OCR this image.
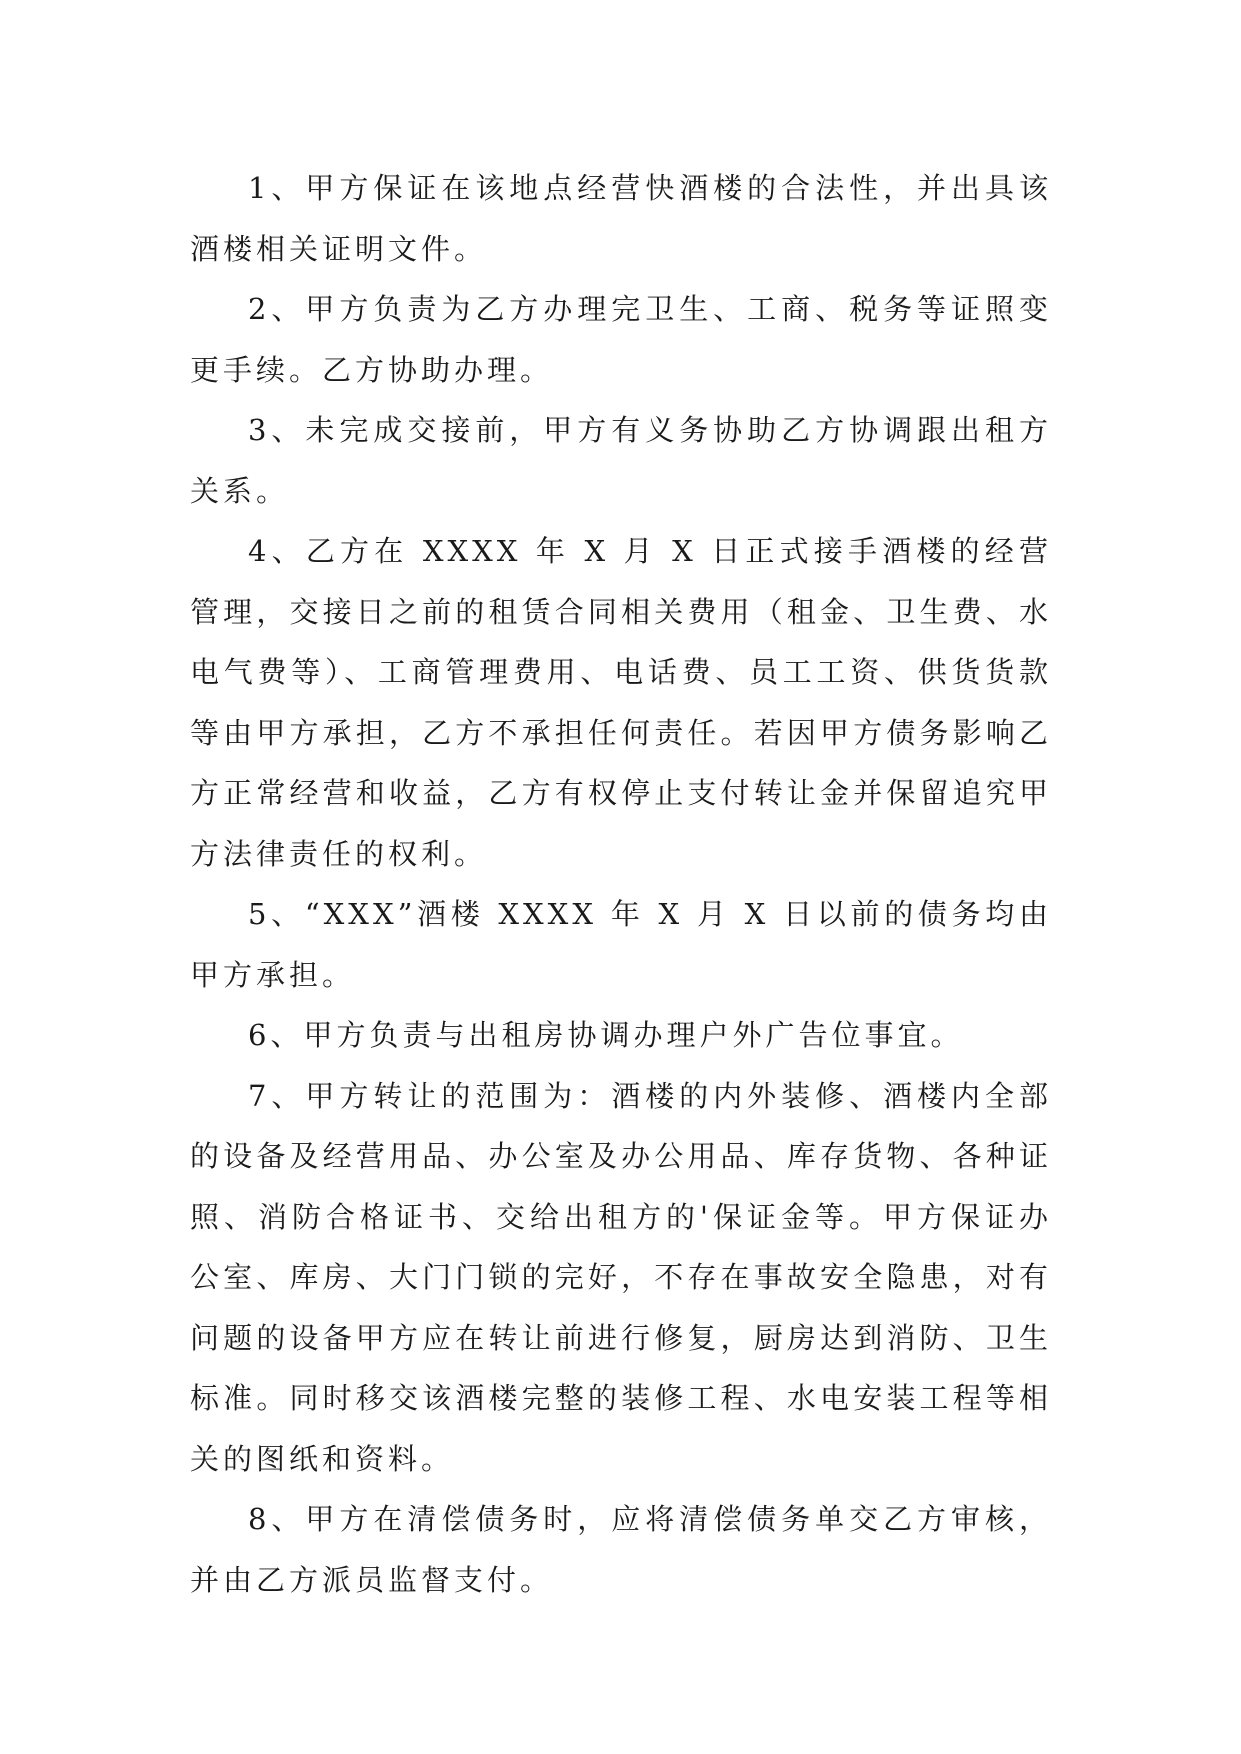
1、甲方保证在该地点经营快酒楼的合法性，并出具该酒楼相关证明文件。

2、甲方负责为乙方办理完卫生、工商、税务等证照变更手续。乙方协助办理。

3、未完成交接前，甲方有义务协助乙方协调跟出租方关系。

4、乙方在 XXXX 年 X 月 X 日正式接手酒楼的经营管理，交接日之前的租赁合同相关费用（租金、卫生费、水电气费等）、工商管理费用、电话费、员工工资、供货货款等由甲方承担，乙方不承担任何责任。若因甲方债务影响乙方正常经营和收益，乙方有权停止支付转让金并保留追究甲方法律责任的权利。

5、“XXX”酒楼 XXXX 年 X 月 X 日以前的债务均由甲方承担。

6、甲方负责与出租房协调办理户外广告位事宜。

7、甲方转让的范围为：酒楼的内外装修、酒楼内全部的设备及经营用品、办公室及办公用品、库存货物、各种证照、消防合格证书、交给出租方的'保证金等。甲方保证办公室、库房、大门门锁的完好，不存在事故安全隐患，对有问题的设备甲方应在转让前进行修复，厨房达到消防、卫生标准。同时移交该酒楼完整的装修工程、水电安装工程等相关的图纸和资料。

8、甲方在清偿债务时，应将清偿债务单交乙方审核，并由乙方派员监督支付。
